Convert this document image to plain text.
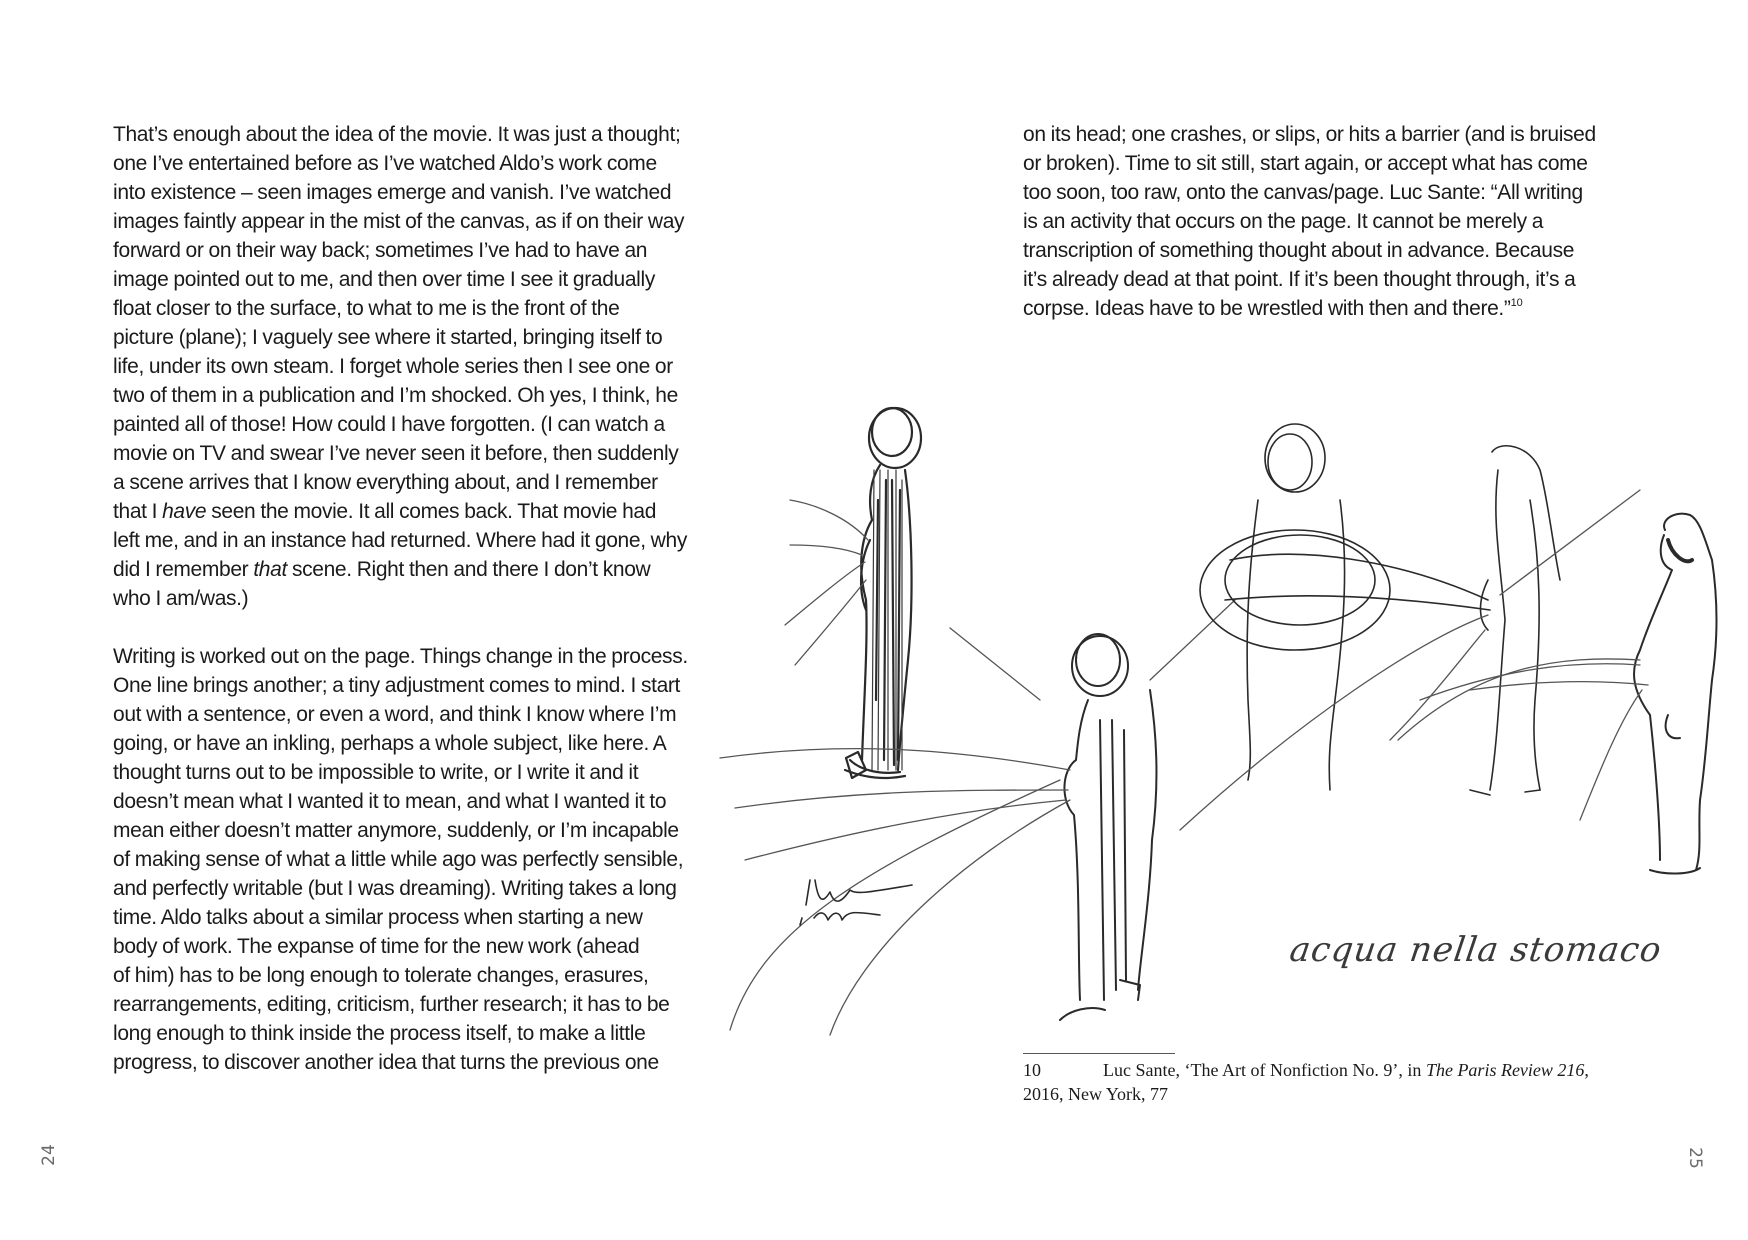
acqua nella stomaco
That’s enough about the idea of the movie. It was just a thought;
one I’ve entertained before as I’ve watched Aldo’s work come
into existence – seen images emerge and vanish. I’ve watched
images faintly appear in the mist of the canvas, as if on their way
forward or on their way back; sometimes I’ve had to have an
image pointed out to me, and then over time I see it gradually
float closer to the surface, to what to me is the front of the
picture (plane); I vaguely see where it started, bringing itself to
life, under its own steam. I forget whole series then I see one or
two of them in a publication and I’m shocked. Oh yes, I think, he
painted all of those! How could I have forgotten. (I can watch a
movie on TV and swear I’ve never seen it before, then suddenly
a scene arrives that I know everything about, and I remember
that I have seen the movie. It all comes back. That movie had
left me, and in an instance had returned. Where had it gone, why
did I remember that scene. Right then and there I don’t know
who I am/was.)
Writing is worked out on the page. Things change in the process.
One line brings another; a tiny adjustment comes to mind. I start
out with a sentence, or even a word, and think I know where I’m
going, or have an inkling, perhaps a whole subject, like here. A
thought turns out to be impossible to write, or I write it and it
doesn’t mean what I wanted it to mean, and what I wanted it to
mean either doesn’t matter anymore, suddenly, or I’m incapable
of making sense of what a little while ago was perfectly sensible,
and perfectly writable (but I was dreaming). Writing takes a long
time. Aldo talks about a similar process when starting a new
body of work. The expanse of time for the new work (ahead
of him) has to be long enough to tolerate changes, erasures,
rearrangements, editing, criticism, further research; it has to be
long enough to think inside the process itself, to make a little
progress, to discover another idea that turns the previous one
24
on its head; one crashes, or slips, or hits a barrier (and is bruised
or broken). Time to sit still, start again, or accept what has come
too soon, too raw, onto the canvas/page. Luc Sante: “All writing
is an activity that occurs on the page. It cannot be merely a
transcription of something thought about in advance. Because
it’s already dead at that point. If it’s been thought through, it’s a
corpse. Ideas have to be wrestled with then and there.”$^{10}$
10	Luc Sante, ‘The Art of Nonfiction No. 9’, in The Paris Review 216,
2016, New York, 77
25
